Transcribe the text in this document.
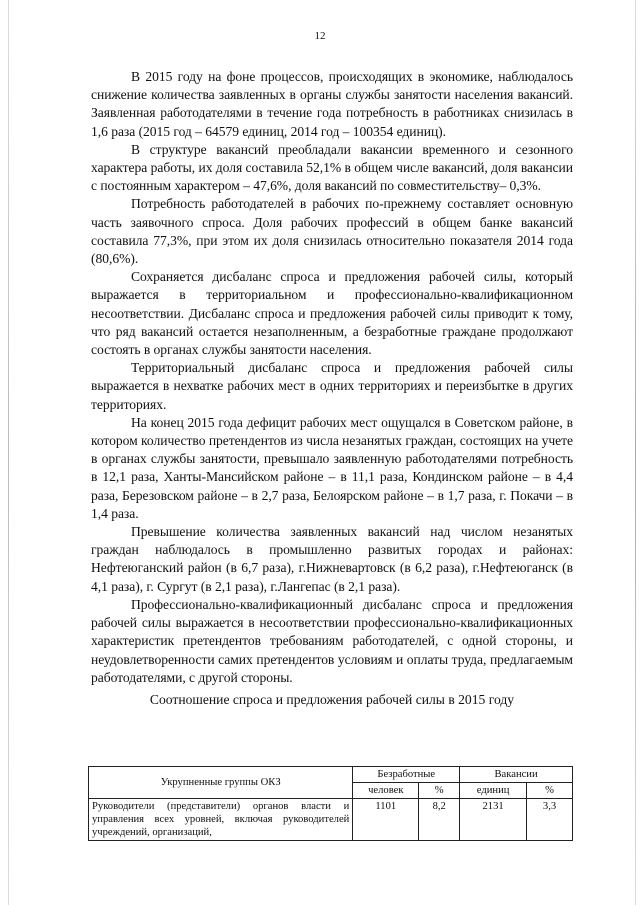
12

В 2015 году на фоне процессов, происходящих в экономике, наблюдалось снижение количества заявленных в органы службы занятости населения вакансий. Заявленная работодателями в течение года потребность в работниках снизилась в 1,6 раза (2015 год – 64579 единиц, 2014 год – 100354 единиц).

В структуре вакансий преобладали вакансии временного и сезонного характера работы, их доля составила 52,1% в общем числе вакансий, доля вакансии с постоянным характером – 47,6%, доля вакансий по совместительству– 0,3%.

Потребность работодателей в рабочих по-прежнему составляет основную часть заявочного спроса. Доля рабочих профессий в общем банке вакансий составила 77,3%, при этом их доля снизилась относительно показателя 2014 года (80,6%).

Сохраняется дисбаланс спроса и предложения рабочей силы, который выражается в территориальном и профессионально-квалификационном несоответствии. Дисбаланс спроса и предложения рабочей силы приводит к тому, что ряд вакансий остается незаполненным, а безработные граждане продолжают состоять в органах службы занятости населения.

Территориальный дисбаланс спроса и предложения рабочей силы выражается в нехватке рабочих мест в одних территориях и переизбытке в других территориях.

На конец 2015 года дефицит рабочих мест ощущался в Советском районе, в котором количество претендентов из числа незанятых граждан, состоящих на учете в органах службы занятости, превышало заявленную работодателями потребность в 12,1 раза, Ханты-Мансийском районе – в 11,1 раза, Кондинском районе – в 4,4 раза, Березовском районе – в 2,7 раза, Белоярском районе – в 1,7 раза, г. Покачи – в 1,4 раза.

Превышение количества заявленных вакансий над числом незанятых граждан наблюдалось в промышленно развитых городах и районах: Нефтеюганский район (в 6,7 раза), г.Нижневартовск (в 6,2 раза), г.Нефтеюганск (в 4,1 раза), г. Сургут (в 2,1 раза), г.Лангепас (в 2,1 раза).

Профессионально-квалификационный дисбаланс спроса и предложения рабочей силы выражается в несоответствии профессионально-квалификационных характеристик претендентов требованиям работодателей, с одной стороны, и неудовлетворенности самих претендентов условиям и оплаты труда, предлагаемым работодателями, с другой стороны.

Соотношение спроса и предложения рабочей силы в 2015 году

Укрупненные группы ОКЗ	Безработные		Вакансии	
	человек	%	единиц	%
Руководители (представители) органов власти и управления всех уровней, включая руководителей учреждений, организаций,	1101	8,2	2131	3,3
